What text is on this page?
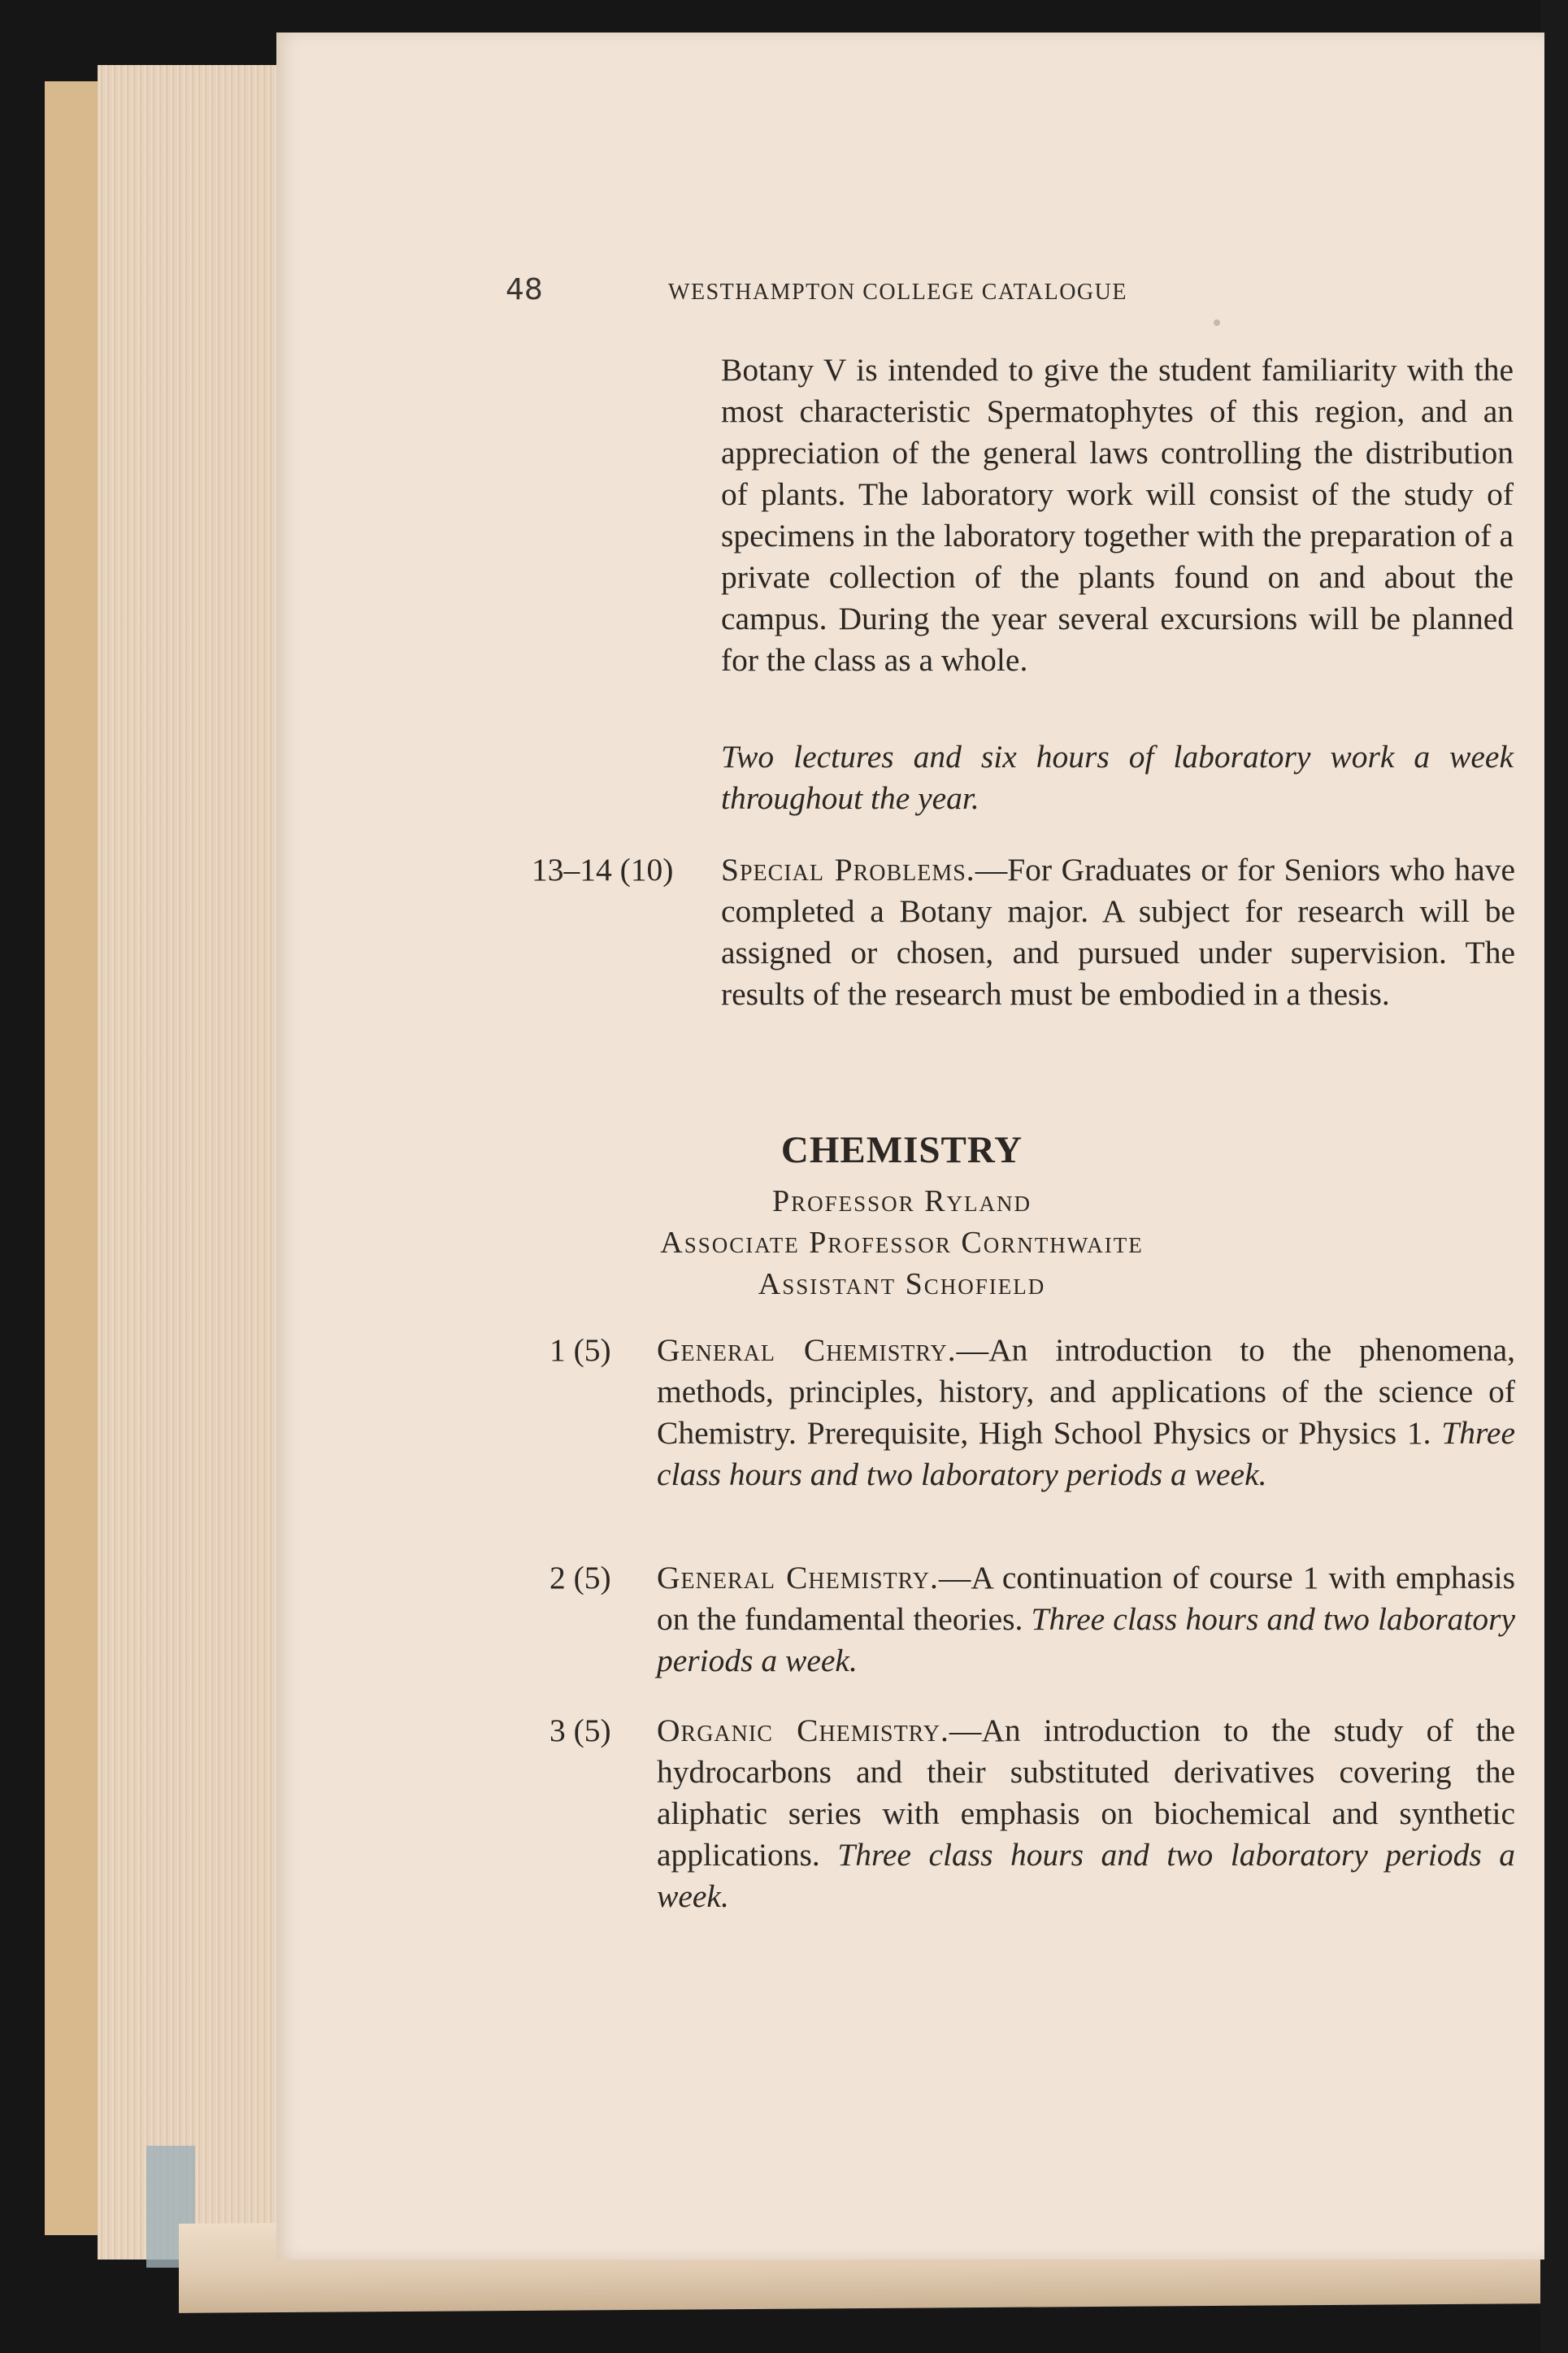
48	WESTHAMPTON COLLEGE CATALOGUE
Botany V is intended to give the student familiarity with the most characteristic Spermatophytes of this region, and an appreciation of the general laws controlling the distribution of plants. The laboratory work will consist of the study of specimens in the laboratory together with the preparation of a private collection of the plants found on and about the campus. During the year several excursions will be planned for the class as a whole.
Two lectures and six hours of laboratory work a week throughout the year.
13–14 (10) Special Problems.—For Graduates or for Seniors who have completed a Botany major. A subject for research will be assigned or chosen, and pursued under supervision. The results of the research must be embodied in a thesis.
CHEMISTRY
Professor Ryland
Associate Professor Cornthwaite
Assistant Schofield
1 (5) General Chemistry.—An introduction to the phenomena, methods, principles, history, and applications of the science of Chemistry. Prerequisite, High School Physics or Physics 1. Three class hours and two laboratory periods a week.
2 (5) General Chemistry.—A continuation of course 1 with emphasis on the fundamental theories. Three class hours and two laboratory periods a week.
3 (5) Organic Chemistry.—An introduction to the study of the hydrocarbons and their substituted derivatives covering the aliphatic series with emphasis on biochemical and synthetic applications. Three class hours and two laboratory periods a week.
